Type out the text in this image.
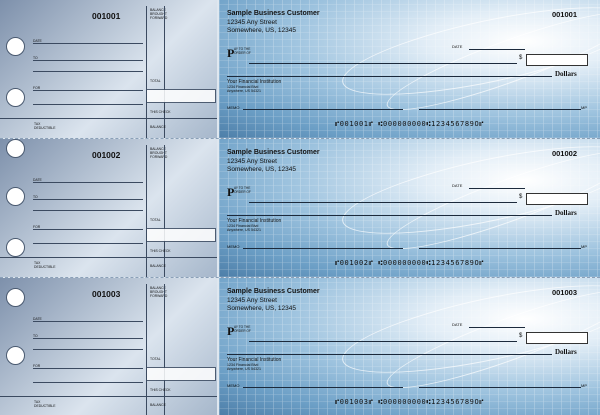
001001
BALANCE BROUGHT FORWARD
DATE
TO
TOTAL
FOR
THIS CHECK
TAX DEDUCTIBLE	BALANCE
Sample Business Customer
12345 Any Street
Somewhere, US, 12345
001001
DATE
P AY TO THE ORDER OF
$
Dollars
Your Financial Institution
1234 Financial Blvd
Anywhere, US 54321
MEMO	MP
⑈001001⑈ ⑆000000000⑆123456789O⑈
001002
BALANCE BROUGHT FORWARD
DATE
TO
TOTAL
FOR
THIS CHECK
TAX DEDUCTIBLE	BALANCE
Sample Business Customer
12345 Any Street
Somewhere, US, 12345
001002
DATE
P AY TO THE ORDER OF
$
Dollars
Your Financial Institution
1234 Financial Blvd
Anywhere, US 54321
MEMO	MP
⑈001002⑈ ⑆000000000⑆123456789O⑈
001003
BALANCE BROUGHT FORWARD
DATE
TO
TOTAL
FOR
THIS CHECK
TAX DEDUCTIBLE	BALANCE
Sample Business Customer
12345 Any Street
Somewhere, US, 12345
001003
DATE
P AY TO THE ORDER OF
$
Dollars
Your Financial Institution
1234 Financial Blvd
Anywhere, US 54321
MEMO	MP
⑈001003⑈ ⑆000000000⑆123456789O⑈
